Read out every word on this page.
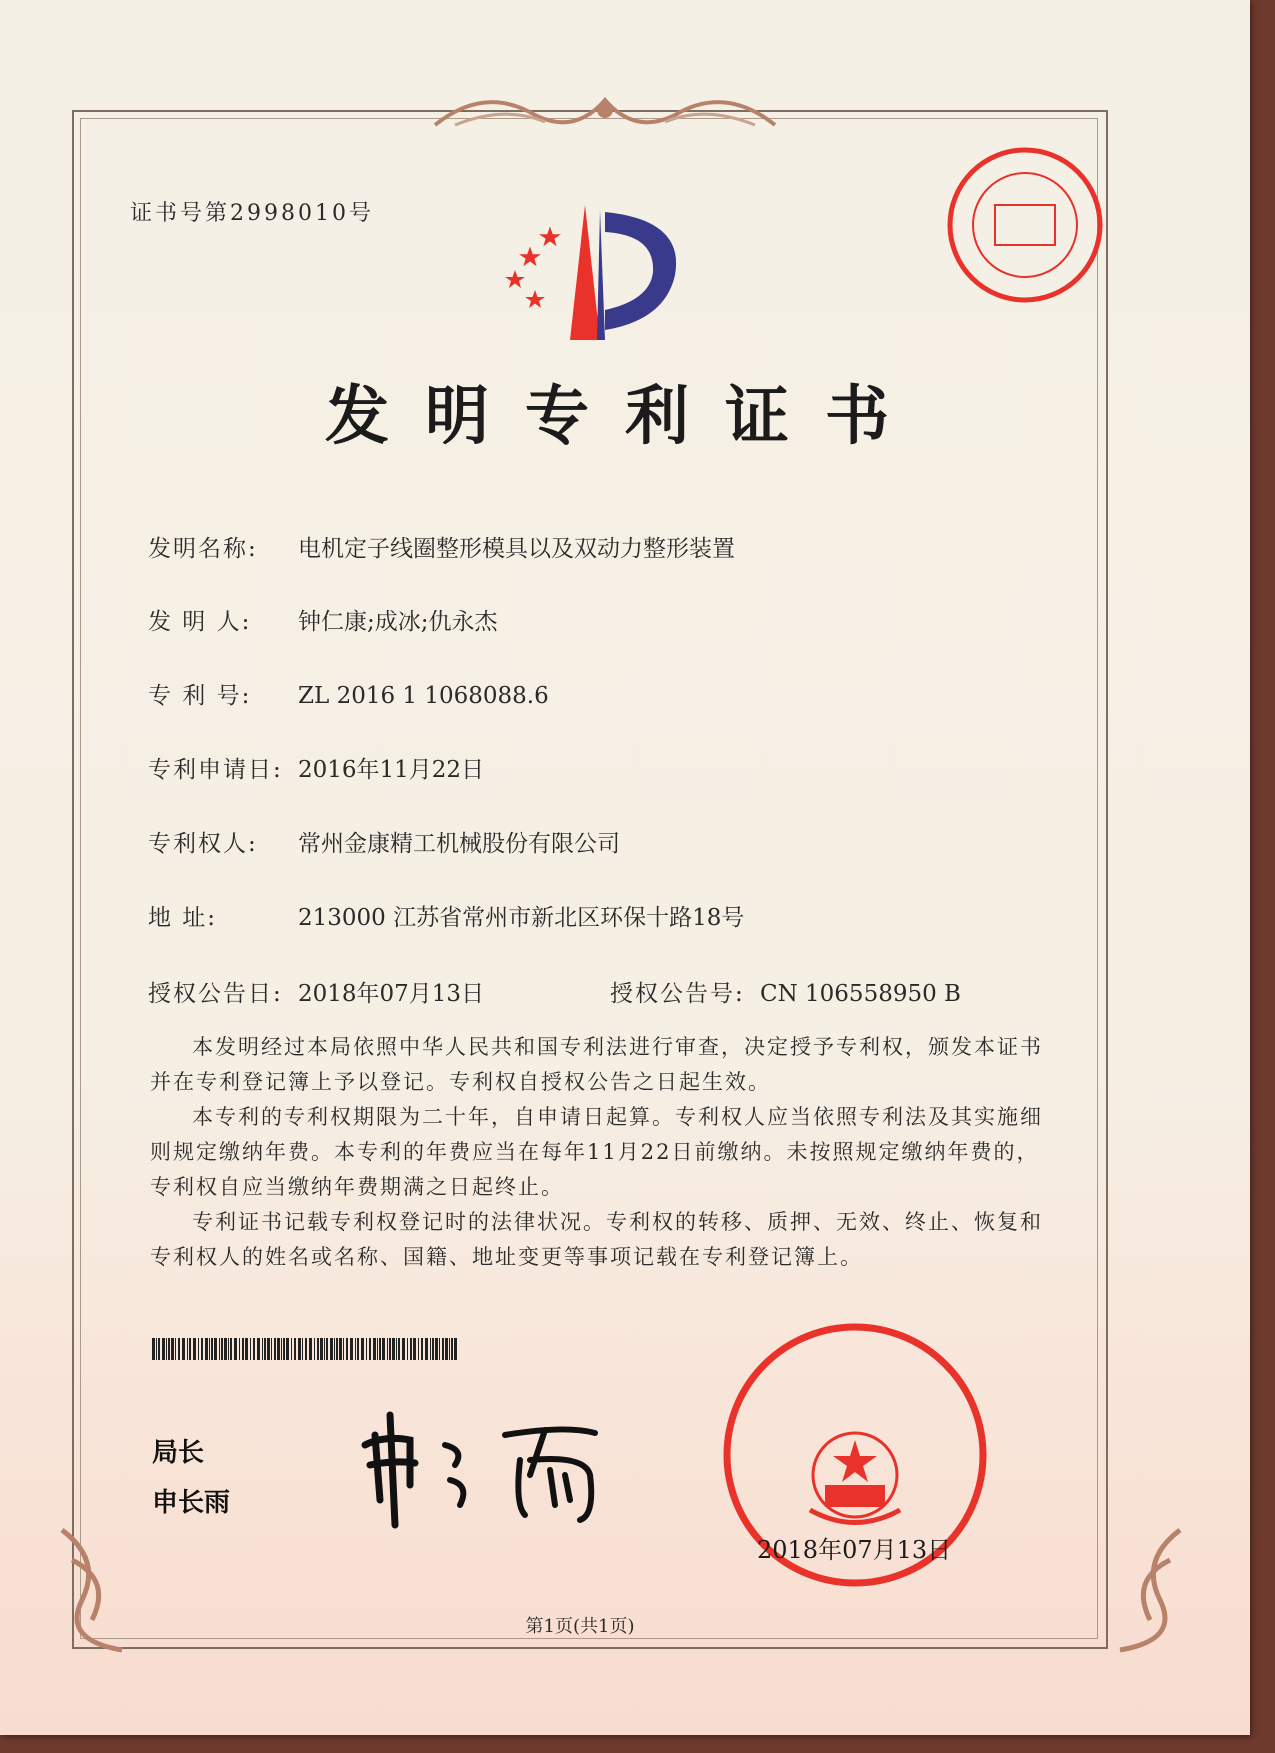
证书号第2998010号
发明专利证书
发明名称: 电机定子线圈整形模具以及双动力整形装置
发 明 人: 钟仁康;成冰;仇永杰
专 利 号: ZL 2016 1 1068088.6
专利申请日: 2016年11月22日
专利权人: 常州金康精工机械股份有限公司
地 址:	213000 江苏省常州市新北区环保十路18号
授权公告日: 2018年07月13日	授权公告号: CN 106558950 B
本发明经过本局依照中华人民共和国专利法进行审查，决定授予专利权，颁发本证书并在专利登记簿上予以登记。专利权自授权公告之日起生效。
本专利的专利权期限为二十年，自申请日起算。专利权人应当依照专利法及其实施细则规定缴纳年费。本专利的年费应当在每年11月22日前缴纳。未按照规定缴纳年费的，专利权自应当缴纳年费期满之日起终止。
专利证书记载专利权登记时的法律状况。专利权的转移、质押、无效、终止、恢复和专利权人的姓名或名称、国籍、地址变更等事项记载在专利登记簿上。
局长
申长雨
2018年07月13日
第1页(共1页)
